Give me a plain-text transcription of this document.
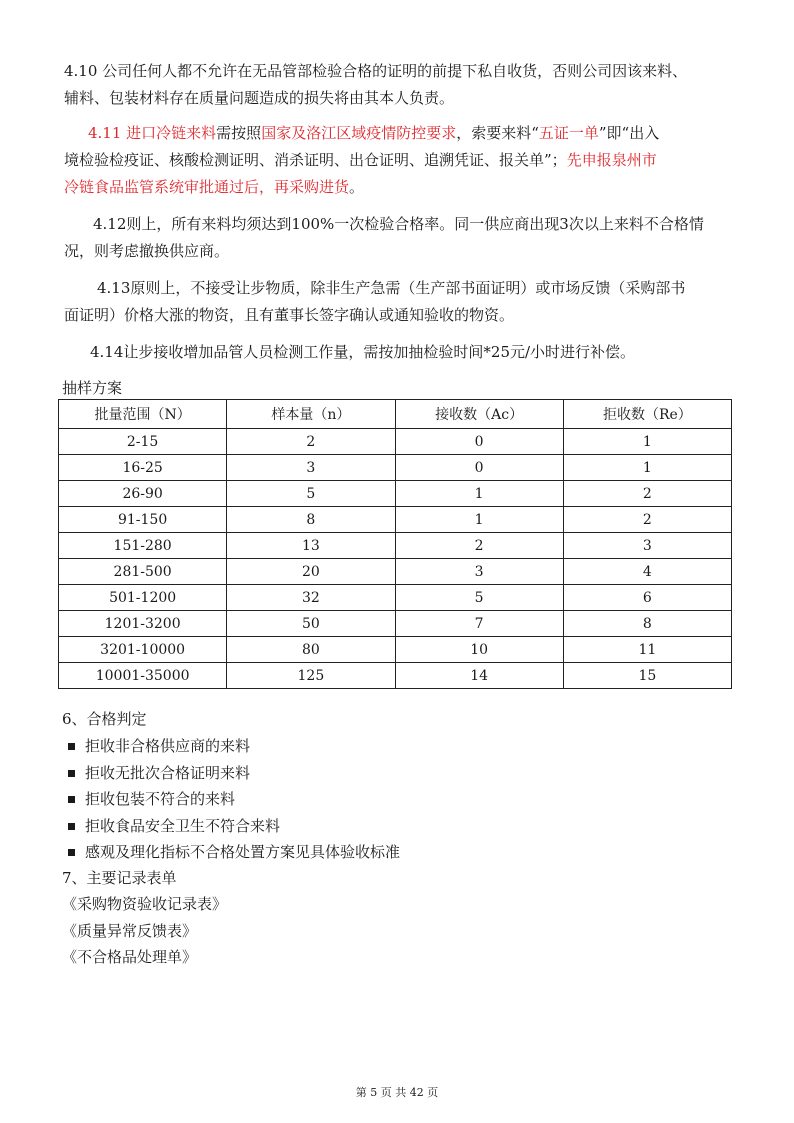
4.10 公司任何人都不允许在无品管部检验合格的证明的前提下私自收货，否则公司因该来料、
辅料、包装材料存在质量问题造成的损失将由其本人负责。

4.11 进口冷链来料需按照国家及洛江区域疫情防控要求，索要来料“五证一单”即“出入
境检验检疫证、核酸检测证明、消杀证明、出仓证明、追溯凭证、报关单”；先申报泉州市
冷链食品监管系统审批通过后，再采购进货。

4.12则上，所有来料均须达到100%一次检验合格率。同一供应商出现3次以上来料不合格情
况，则考虑撤换供应商。

4.13原则上，不接受让步物质，除非生产急需（生产部书面证明）或市场反馈（采购部书
面证明）价格大涨的物资，且有董事长签字确认或通知验收的物资。

4.14让步接收增加品管人员检测工作量，需按加抽检验时间*25元/小时进行补偿。

抽样方案
批量范围（N）	样本量（n）	接收数（Ac）	拒收数（Re）
2-15	2	0	1
16-25	3	0	1
26-90	5	1	2
91-150	8	1	2
151-280	13	2	3
281-500	20	3	4
501-1200	32	5	6
1201-3200	50	7	8
3201-10000	80	10	11
10001-35000	125	14	15
6、合格判定
拒收非合格供应商的来料
拒收无批次合格证明来料
拒收包装不符合的来料
拒收食品安全卫生不符合来料
感观及理化指标不合格处置方案见具体验收标准
7、主要记录表单
《采购物资验收记录表》
《质量异常反馈表》
《不合格品处理单》
第 5 页 共 42 页
